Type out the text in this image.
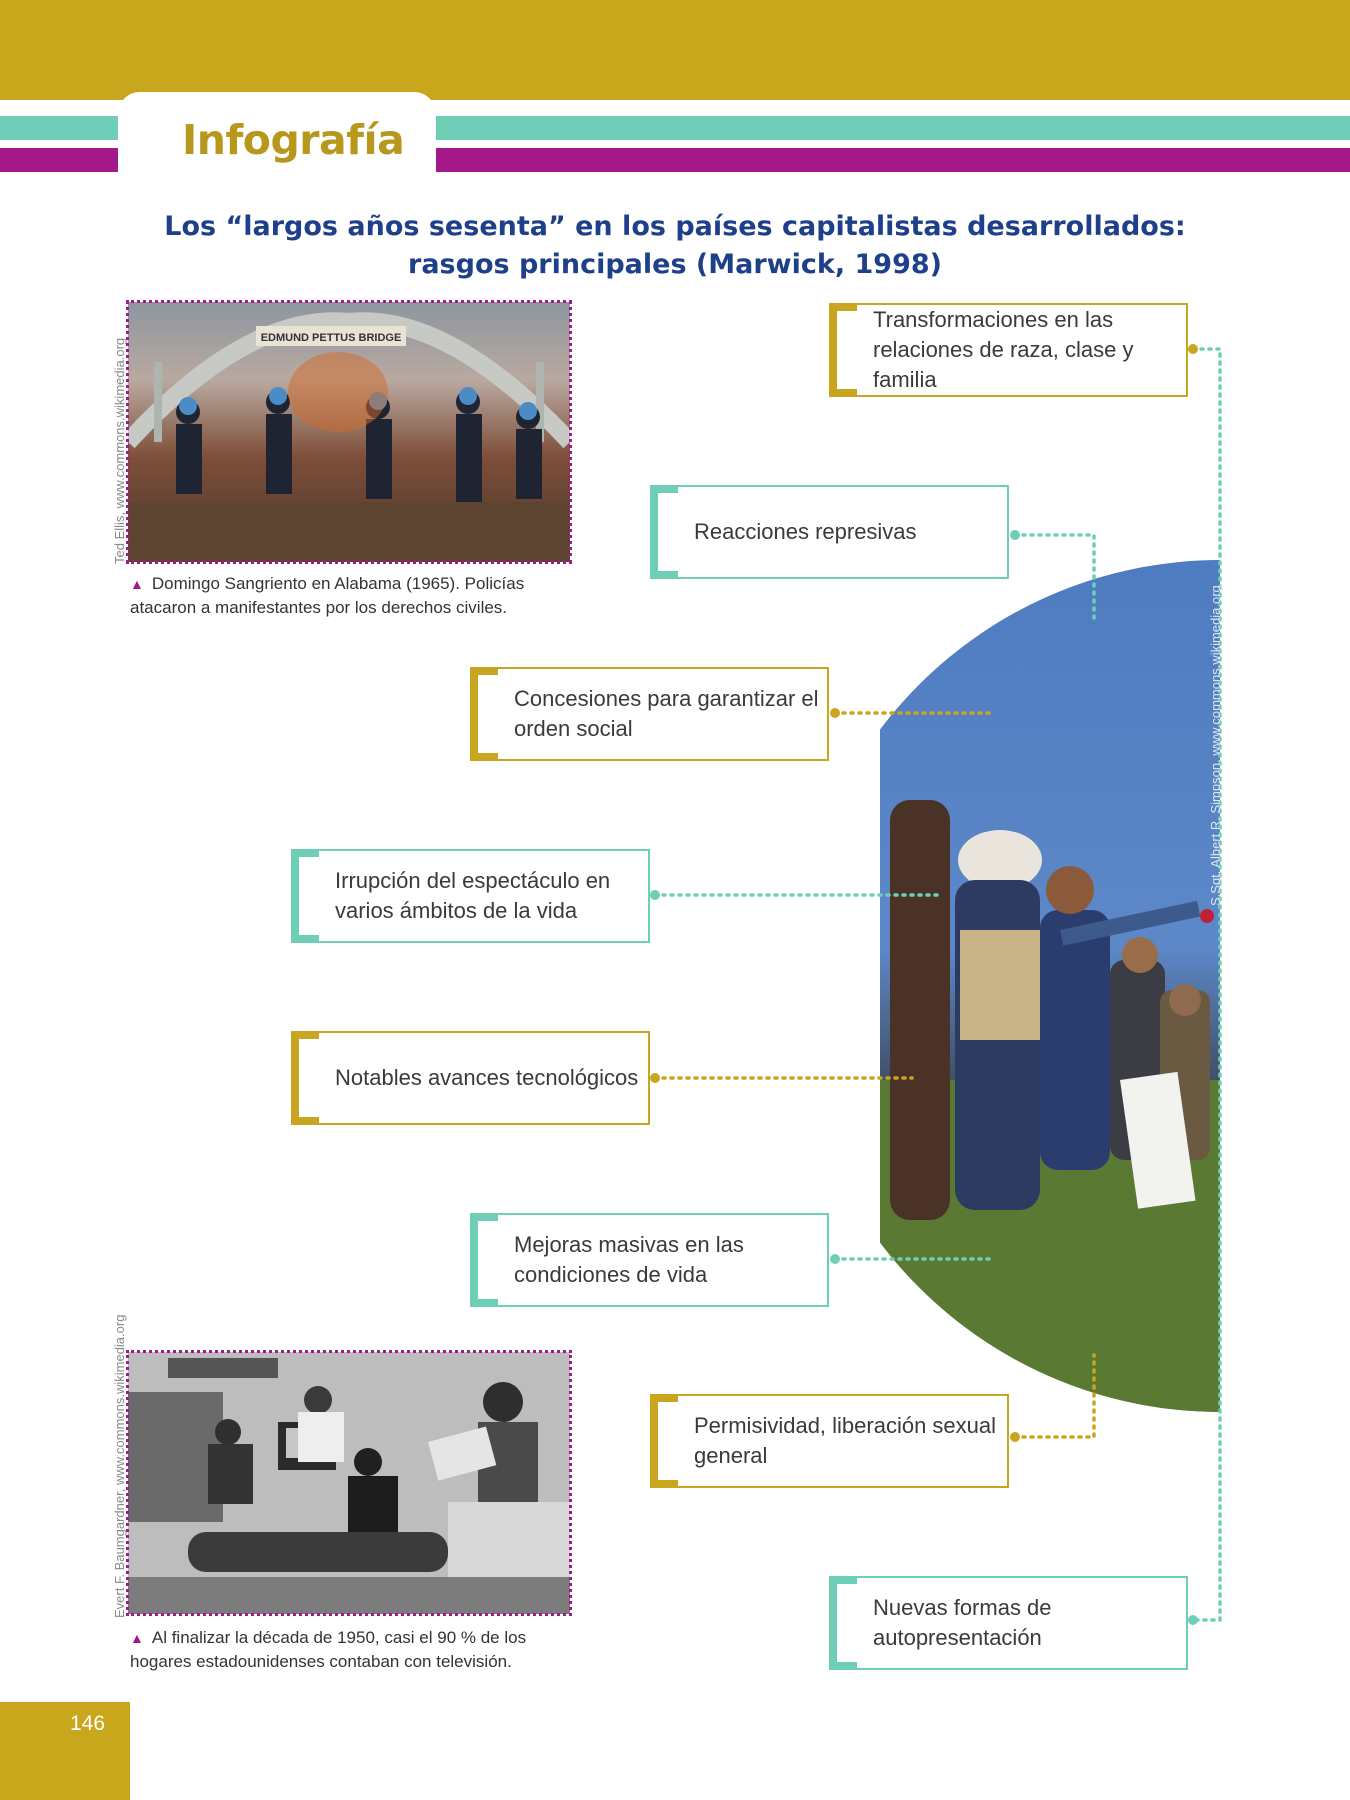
Infografía
Los “largos años sesenta” en los países capitalistas desarrollados:
rasgos principales (Marwick, 1998)
S.Sgt. Albert R. Simpson, www.commons.wikimedia.org
EDMUND PETTUS BRIDGE
Ted Ellis, www.commons.wikimedia.org
▲ Domingo Sangriento en Alabama (1965). Policías
atacaron a manifestantes por los derechos civiles.
Evert F. Baumgardner, www.commons.wikimedia.org
▲ Al finalizar la década de 1950, casi el 90 % de los
hogares estadounidenses contaban con televisión.
Transformaciones en las relaciones de raza, clase y familia
Reacciones represivas
Concesiones para garantizar el orden social
Irrupción del espectáculo en varios ámbitos de la vida
Notables avances tecnológicos
Mejoras masivas en las condiciones de vida
Permisividad, liberación sexual general
Nuevas formas de autopresentación
146
